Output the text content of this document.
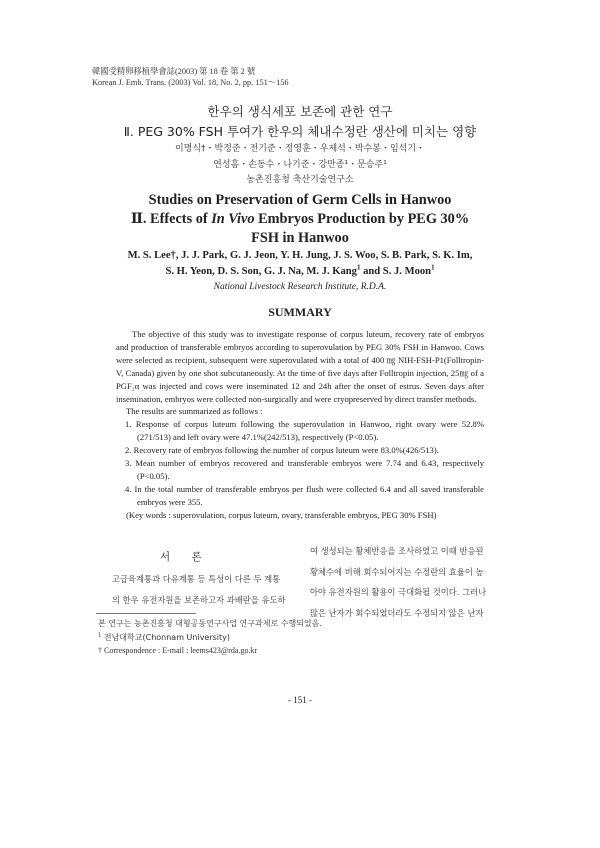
韓國受精卵移植學會誌(2003) 第 18 卷 第 2 號
Korean J. Emb. Trans. (2003) Vol. 18, No. 2, pp. 151～156
한우의 생식세포 보존에 관한 연구
Ⅱ. PEG 30% FSH 투여가 한우의 체내수정란 생산에 미치는 영향
이명식†・박정준・전기준・정영훈・우제석・박수봉・임석기・
연성흠・손동수・나기준・강만종¹・문승주¹
농촌진흥청 축산기술연구소
Studies on Preservation of Germ Cells in Hanwoo
Ⅱ. Effects of In Vivo Embryos Production by PEG 30%
FSH in Hanwoo
M. S. Lee†, J. J. Park, G. J. Jeon, Y. H. Jung, J. S. Woo, S. B. Park, S. K. Im,
S. H. Yeon, D. S. Son, G. J. Na, M. J. Kang$^1$ and S. J. Moon$^1$
National Livestock Research Institute, R.D.A.
SUMMARY

The objective of this study was to investigate response of corpus luteum, recovery rate of embryos and production of transferable embryos according to superovulation by PEG 30% FSH in Hanwoo. Cows were selected as recipient, subsequent were superovulated with a total of 400 ㎎ NIH-FSH-P1(Folltropin-V, Canada) given by one shot subcutaneously. At the time of five days after Folltropin injection, 25㎎ of a PGF₂α was injected and cows were inseminated 12 and 24h after the onset of estrus. Seven days after insemination, embryos were collected non-surgically and were cryopreserved by direct transfer methods.

The results are summarized as follows :
1. Response of corpus luteum following the superovulation in Hanwoo, right ovary were 52.8%(271/513) and left ovary were 47.1%(242/513), respectively (P<0.05).
2. Recovery rate of embryos following the number of corpus luteum were 83.0%(426/513).
3. Mean number of embryos recovered and transferable embryos were 7.74 and 6.43, respectively (P<0.05).
4. In the total number of transferable embryos per flush were collected 6.4 and all saved transferable embryos were 355.
(Key words : superovulation, corpus luteum, ovary, transferable embryos, PEG 30% FSH)
서 론
고급육계통과 다유계통 등 특성이 다른 두 계통
의 한우 유전자원을 보존하고자 과배란을 유도하
여 생성되는 황체반응을 조사하였고 이때 반응된
황체수에 비해 회수되어지는 수정란의 효율이 높
아야 유전자원의 활용이 극대화될 것이다. 그러나
많은 난자가 회수되었더라도 수정되지 않은 난자
본 연구는 농촌진흥청 대형공동연구사업 연구과제로 수행되었음.
$^1$ 전남대학교(Chonnam University)
† Correspondence : E-mail : leems423@rda.go.kr
- 151 -
